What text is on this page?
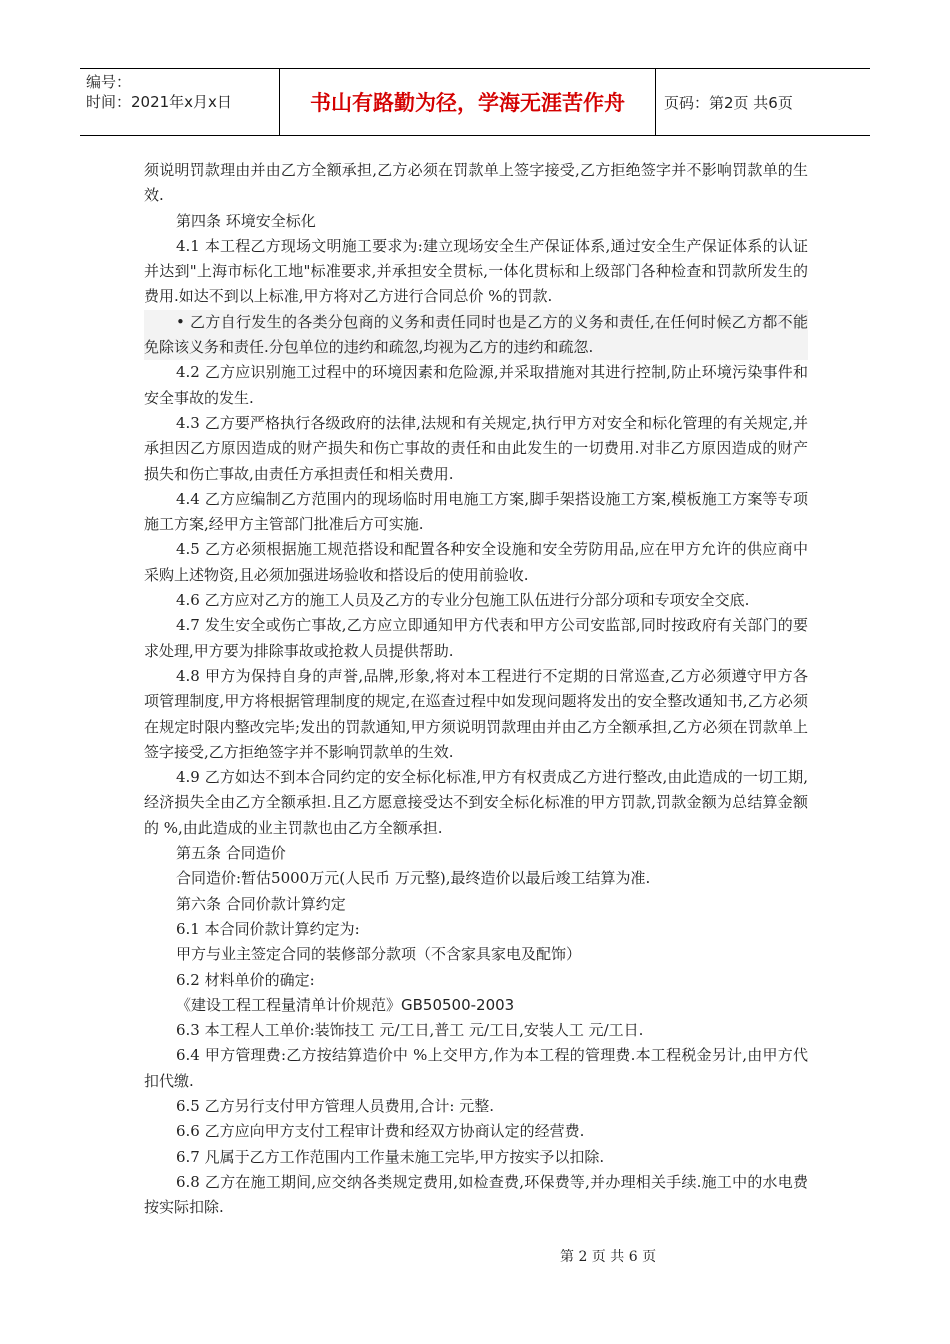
编号：
时间：2021年x月x日	书山有路勤为径，学海无涯苦作舟	页码：第2页 共6页

须说明罚款理由并由乙方全额承担,乙方必须在罚款单上签字接受,乙方拒绝签字并不影响罚款单的生效.

第四条 环境安全标化

4.1 本工程乙方现场文明施工要求为:建立现场安全生产保证体系,通过安全生产保证体系的认证并达到"上海市标化工地"标准要求,并承担安全贯标,一体化贯标和上级部门各种检查和罚款所发生的费用.如达不到以上标准,甲方将对乙方进行合同总价 %的罚款.

• 乙方自行发生的各类分包商的义务和责任同时也是乙方的义务和责任,在任何时候乙方都不能免除该义务和责任.分包单位的违约和疏忽,均视为乙方的违约和疏忽.

4.2 乙方应识别施工过程中的环境因素和危险源,并采取措施对其进行控制,防止环境污染事件和安全事故的发生.

4.3 乙方要严格执行各级政府的法律,法规和有关规定,执行甲方对安全和标化管理的有关规定,并承担因乙方原因造成的财产损失和伤亡事故的责任和由此发生的一切费用.对非乙方原因造成的财产损失和伤亡事故,由责任方承担责任和相关费用.

4.4 乙方应编制乙方范围内的现场临时用电施工方案,脚手架搭设施工方案,模板施工方案等专项施工方案,经甲方主管部门批准后方可实施.

4.5 乙方必须根据施工规范搭设和配置各种安全设施和安全劳防用品,应在甲方允许的供应商中采购上述物资,且必须加强进场验收和搭设后的使用前验收.

4.6 乙方应对乙方的施工人员及乙方的专业分包施工队伍进行分部分项和专项安全交底.

4.7 发生安全或伤亡事故,乙方应立即通知甲方代表和甲方公司安监部,同时按政府有关部门的要求处理,甲方要为排除事故或抢救人员提供帮助.

4.8 甲方为保持自身的声誉,品牌,形象,将对本工程进行不定期的日常巡查,乙方必须遵守甲方各项管理制度,甲方将根据管理制度的规定,在巡查过程中如发现问题将发出的安全整改通知书,乙方必须在规定时限内整改完毕;发出的罚款通知,甲方须说明罚款理由并由乙方全额承担,乙方必须在罚款单上签字接受,乙方拒绝签字并不影响罚款单的生效.

4.9 乙方如达不到本合同约定的安全标化标准,甲方有权责成乙方进行整改,由此造成的一切工期,经济损失全由乙方全额承担.且乙方愿意接受达不到安全标化标准的甲方罚款,罚款金额为总结算金额的 %,由此造成的业主罚款也由乙方全额承担.

第五条 合同造价

合同造价:暂估5000万元(人民币 万元整),最终造价以最后竣工结算为准.

第六条 合同价款计算约定

6.1 本合同价款计算约定为:

甲方与业主签定合同的装修部分款项（不含家具家电及配饰）

6.2 材料单价的确定:

《建设工程工程量清单计价规范》GB50500-2003

6.3 本工程人工单价:装饰技工 元/工日,普工 元/工日,安装人工 元/工日.

6.4 甲方管理费:乙方按结算造价中 %上交甲方,作为本工程的管理费.本工程税金另计,由甲方代扣代缴.

6.5 乙方另行支付甲方管理人员费用,合计: 元整.

6.6 乙方应向甲方支付工程审计费和经双方协商认定的经营费.

6.7 凡属于乙方工作范围内工作量未施工完毕,甲方按实予以扣除.

6.8 乙方在施工期间,应交纳各类规定费用,如检查费,环保费等,并办理相关手续.施工中的水电费按实际扣除.

第 2 页 共 6 页
